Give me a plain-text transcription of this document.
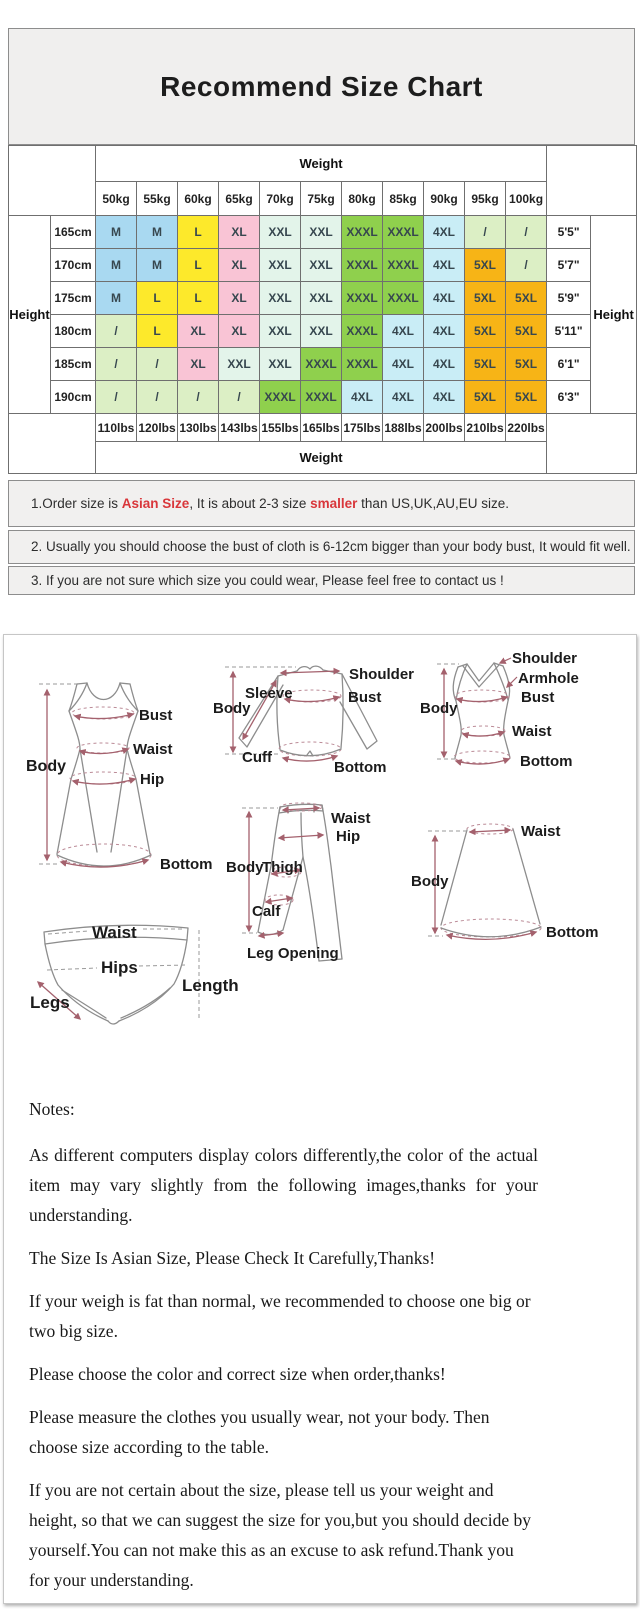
Recommend Size Chart
		Weight												
		50kg	55kg	60kg	65kg	70kg	75kg	80kg	85kg	90kg	95kg	100kg		
Height	165cm	M	M	L	XL	XXL	XXL	XXXL	XXXL	4XL	/	/	5'5"	Height
	170cm	M	M	L	XL	XXL	XXL	XXXL	XXXL	4XL	5XL	/	5'7"	
	175cm	M	L	L	XL	XXL	XXL	XXXL	XXXL	4XL	5XL	5XL	5'9"	
	180cm	/	L	XL	XL	XXL	XXL	XXXL	4XL	4XL	5XL	5XL	5'11"	
	185cm	/	/	XL	XXL	XXL	XXXL	XXXL	4XL	4XL	5XL	5XL	6'1"	
	190cm	/	/	/	/	XXXL	XXXL	4XL	4XL	4XL	5XL	5XL	6'3"	
		110lbs	120lbs	130lbs	143lbs	155lbs	165lbs	175lbs	188lbs	200lbs	210lbs	220lbs		
		Weight												
1.Order size is Asian Size, It is about 2-3 size smaller than US,UK,AU,EU size.
2. Usually you should choose the bust of cloth is 6-12cm bigger than your body bust, It would fit well.
3. If you are not sure which size you could wear, Please feel free to contact us !
Body
Bust
Waist
Hip
Bottom
Shoulder
Sleeve
Body
Cuff
Bust
Bottom
Shoulder
Armhole
Body
Bust
Waist
Bottom
Waist
Hip
Body
Thigh
Calf
Leg Opening
Waist
Body
Bottom
Waist
Hips
Legs
Length
Notes:

As different computers display colors differently,the color of the actual item may vary slightly from the following images,thanks for your understanding.

The Size Is Asian Size, Please Check It Carefully,Thanks!

If your weigh is fat than normal, we recommended to choose one big or two big size.

Please choose the color and correct size when order,thanks!

Please measure the clothes you usually wear, not your body. Then choose size according to the table.

If you are not certain about the size, please tell us your weight and height, so that we can suggest the size for you,but you should decide by yourself.You can not make this as an excuse to ask refund.Thank you for your understanding.
